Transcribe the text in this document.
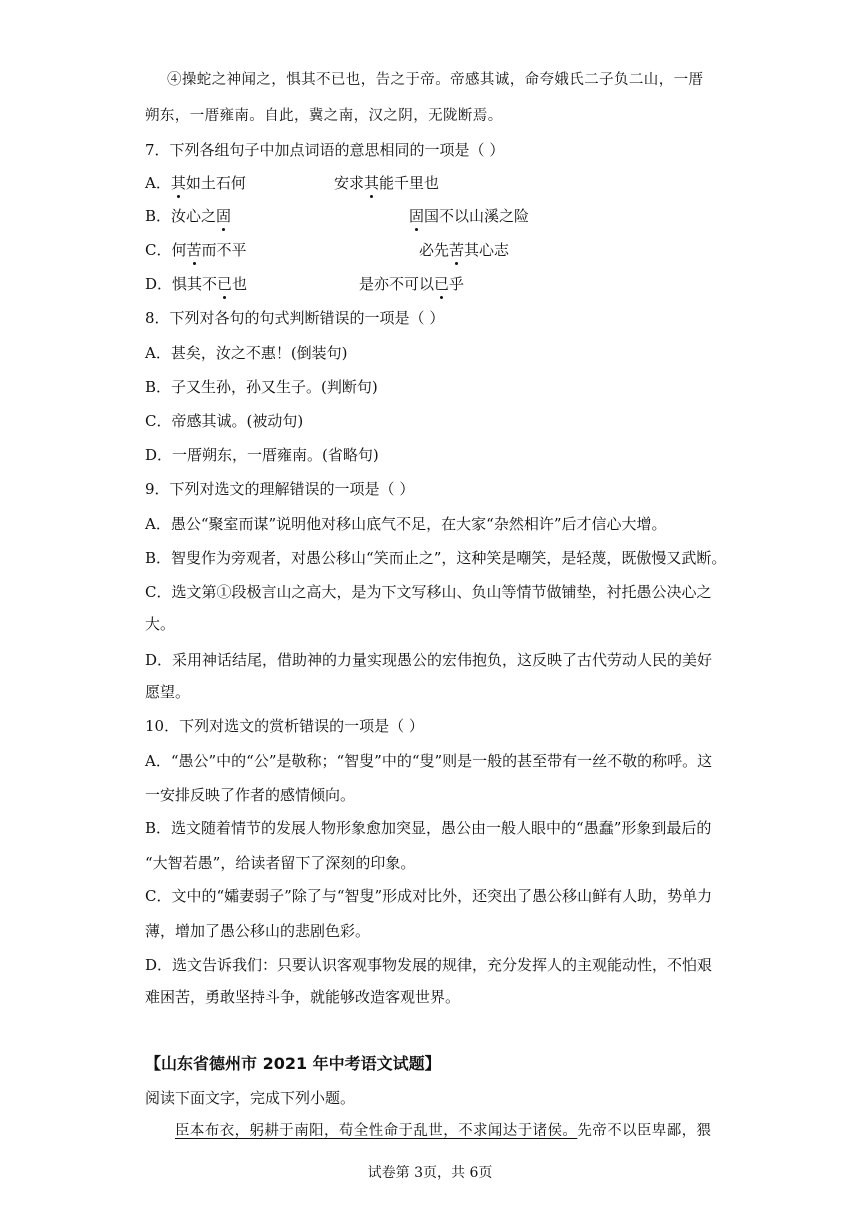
④操蛇之神闻之，惧其不已也，告之于帝。帝感其诚，命夸娥氏二子负二山，一厝
朔东，一厝雍南。自此，冀之南，汉之阴，无陇断焉。
7．下列各组句子中加点词语的意思相同的一项是（ ）
A．其如土石何	安求其能千里也
B．汝心之固	固国不以山溪之险
C．何苦而不平	必先苦其心志
D．惧其不已也	是亦不可以已乎
8．下列对各句的句式判断错误的一项是（ ）
A．甚矣，汝之不惠！(倒装句)
B．子又生孙，孙又生子。(判断句)
C．帝感其诚。(被动句)
D．一厝朔东，一厝雍南。(省略句)
9．下列对选文的理解错误的一项是（ ）
A．愚公“聚室而谋”说明他对移山底气不足，在大家“杂然相许”后才信心大增。
B．智叟作为旁观者，对愚公移山“笑而止之”，这种笑是嘲笑，是轻蔑，既傲慢又武断。
C．选文第①段极言山之高大，是为下文写移山、负山等情节做铺垫，衬托愚公决心之
大。
D．采用神话结尾，借助神的力量实现愚公的宏伟抱负，这反映了古代劳动人民的美好
愿望。
10．下列对选文的赏析错误的一项是（ ）
A．“愚公”中的“公”是敬称；“智叟”中的“叟”则是一般的甚至带有一丝不敬的称呼。这
一安排反映了作者的感情倾向。
B．选文随着情节的发展人物形象愈加突显，愚公由一般人眼中的“愚蠢”形象到最后的
“大智若愚”，给读者留下了深刻的印象。
C．文中的“孀妻弱子”除了与“智叟”形成对比外，还突出了愚公移山鲜有人助，势单力
薄，增加了愚公移山的悲剧色彩。
D．选文告诉我们：只要认识客观事物发展的规律，充分发挥人的主观能动性，不怕艰
难困苦，勇敢坚持斗争，就能够改造客观世界。
【山东省德州市 2021 年中考语文试题】
阅读下面文字，完成下列小题。
臣本布衣，躬耕于南阳，苟全性命于乱世，不求闻达于诸侯。先帝不以臣卑鄙，猥
试卷第 3页，共 6页
